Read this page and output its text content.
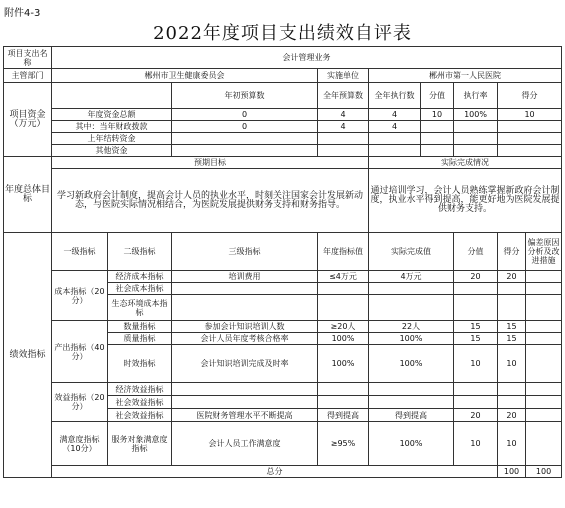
附件4-3
2022年度项目支出绩效自评表
项目支出名称	会计管理业务									
主管部门	郴州市卫生健康委员会			实施单位	郴州市第一人民医院					
项目资金（万元）			年初预算数	全年预算数	全年执行数	分值	执行率	得分		
	年度资金总额		0	4	4	10	100%	10		
	其中：当年财政拨款		0	4	4					
	上年结转资金									
	其他资金									
年度总体目标	预期目标				实际完成情况					
	学习新政府会计制度，提高会计人员的执业水平，时刻关注国家会计发展新动态，与医院实际情况相结合，为医院发展提供财务支持和财务指导。				通过培训学习，会计人员熟练掌握新政府会计制度，执业水平得到提高，能更好地为医院发展提供财务支持。					
绩效指标	一级指标	二级指标	三级指标	年度指标值	实际完成值		分值	得分	偏差原因分析及改进措施	
	成本指标（20分）	经济成本指标	培训费用	≤4万元	4万元		20	20		
		社会成本指标								
		生态环境成本指标								
	产出指标（40分）	数量指标	参加会计知识培训人数	≥20人	22人		15	15		
		质量指标	会计人员年度考核合格率	100%	100%		15	15		
		时效指标	会计知识培训完成及时率	100%	100%		10	10		
	效益指标（20分）	经济效益指标								
		社会效益指标								
		社会效益指标	医院财务管理水平不断提高	得到提高	得到提高		20	20		
	满意度指标（10分）	服务对象满意度指标	会计人员工作满意度	≥95%	100%		10	10		
	总分							100	100	
